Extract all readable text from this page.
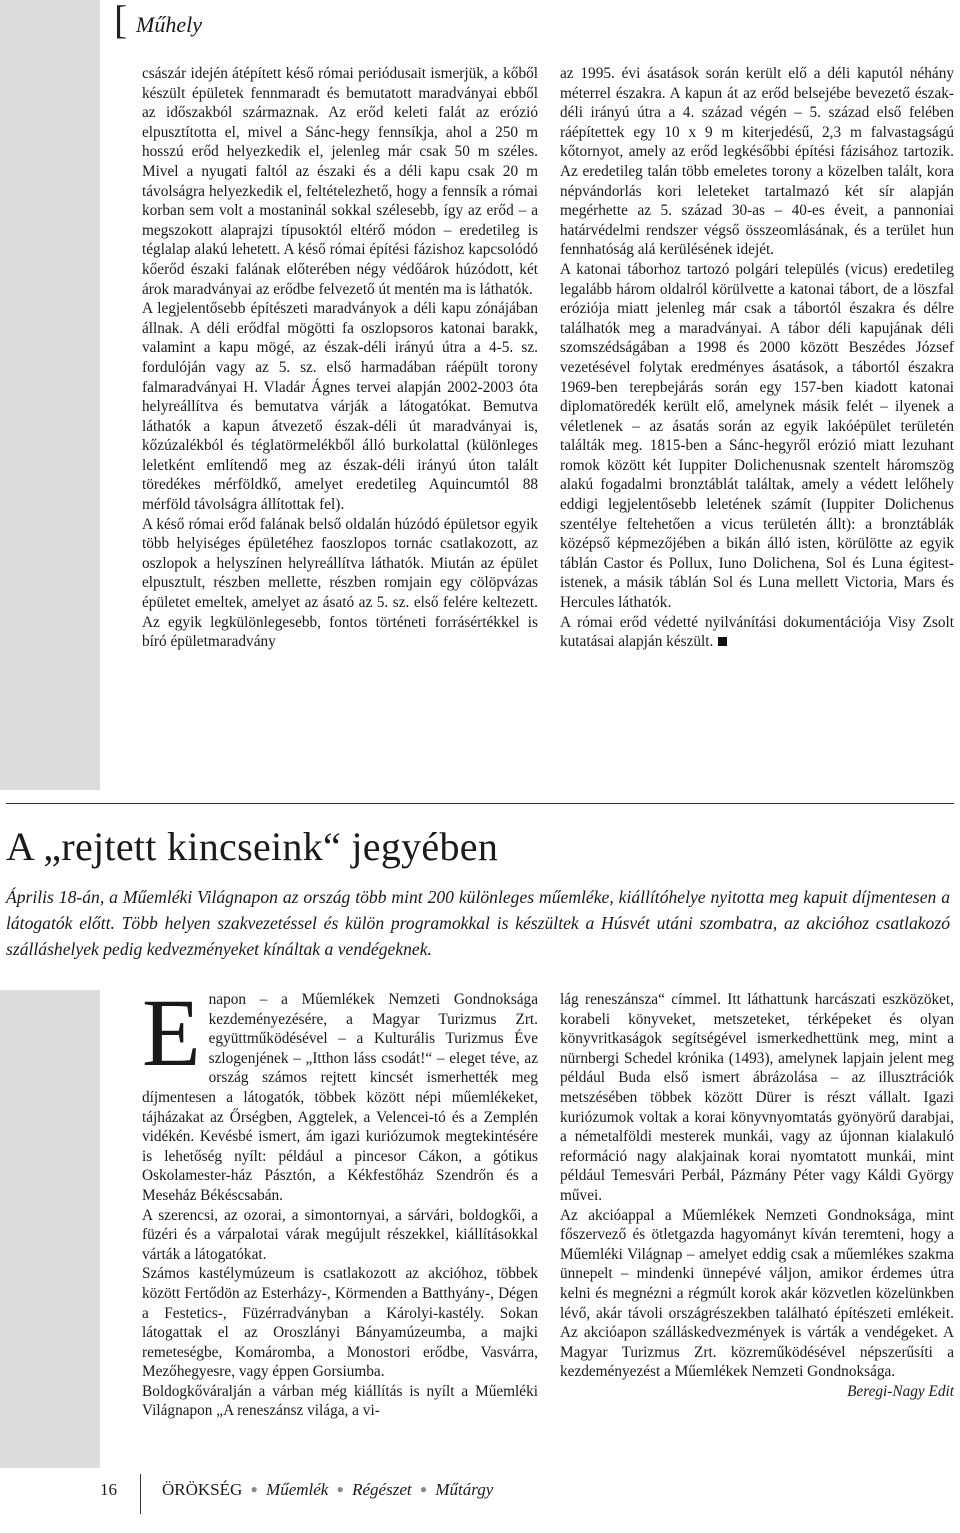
[ Műhely

császár idején átépített késő római periódusait ismerjük, a kőből készült épületek fennmaradt és bemutatott maradványai ebből az időszakból származnak. Az erőd keleti falát az erózió elpusztította el, mivel a Sánc-hegy fennsíkja, ahol a 250 m hosszú erőd helyezkedik el, jelenleg már csak 50 m széles. Mivel a nyugati faltól az északi és a déli kapu csak 20 m távolságra helyezkedik el, feltételezhető, hogy a fennsík a római korban sem volt a mostaninál sokkal szélesebb, így az erőd – a megszokott alaprajzi típusoktól eltérő módon – eredetileg is téglalap alakú lehetett. A késő római építési fázishoz kapcsolódó kőerőd északi falának előterében négy védőárok húzódott, két árok maradványai az erődbe felvezető út mentén ma is láthatók.

A legjelentősebb építészeti maradványok a déli kapu zónájában állnak. A déli erődfal mögötti fa oszlopsoros katonai barakk, valamint a kapu mögé, az észak-déli irányú útra a 4-5. sz. fordulóján vagy az 5. sz. első harmadában ráépült torony falmaradványai H. Vladár Ágnes tervei alapján 2002-2003 óta helyreállítva és bemutatva várják a látogatókat. Bemutva láthatók a kapun átvezető észak-déli út maradványai is, kőzúzalékból és téglatörmelékből álló burkolattal (különleges leletként említendő meg az észak-déli irányú úton talált töredékes mérföldkő, amelyet eredetileg Aquincumtól 88 mérföld távolságra állítottak fel).

A késő római erőd falának belső oldalán húzódó épületsor egyik több helyiséges épületéhez faoszlopos tornác csatlakozott, az oszlopok a helyszínen helyreállítva láthatók. Miután az épület elpusztult, részben mellette, részben romjain egy cölöpvázas épületet emeltek, amelyet az ásató az 5. sz. első felére keltezett. Az egyik legkülönlegesebb, fontos történeti forrásértékkel is bíró épületmaradvány

az 1995. évi ásatások során került elő a déli kaputól néhány méterrel északra. A kapun át az erőd belsejébe bevezető észak-déli irányú útra a 4. század végén – 5. század első felében ráépítettek egy 10 x 9 m kiterjedésű, 2,3 m falvastagságú kőtornyot, amely az erőd legkésőbbi építési fázisához tartozik. Az eredetileg talán több emeletes torony a közelben talált, kora népvándorlás kori leleteket tartalmazó két sír alapján megérhette az 5. század 30-as – 40-es éveit, a pannoniai határvédelmi rendszer végső összeomlásának, és a terület hun fennhatóság alá kerülésének idejét.

A katonai táborhoz tartozó polgári település (vicus) eredetileg legalább három oldalról körülvette a katonai tábort, de a löszfal eróziója miatt jelenleg már csak a tábortól északra és délre találhatók meg a maradványai. A tábor déli kapujának déli szomszédságában a 1998 és 2000 között Beszédes József vezetésével folytak eredményes ásatások, a tábortól északra 1969-ben terepbejárás során egy 157-ben kiadott katonai diplomatöredék került elő, amelynek másik felét – ilyenek a véletlenek – az ásatás során az egyik lakóépület területén találták meg. 1815-ben a Sánc-hegyről erózió miatt lezuhant romok között két Iuppiter Dolichenusnak szentelt háromszög alakú fogadalmi bronztáblát találtak, amely a védett lelőhely eddigi legjelentősebb leletének számít (Iuppiter Dolichenus szentélye feltehetően a vicus területén állt): a bronztáblák középső képmezőjében a bikán álló isten, körülötte az egyik táblán Castor és Pollux, Iuno Dolichena, Sol és Luna égitest-istenek, a másik táblán Sol és Luna mellett Victoria, Mars és Hercules láthatók.

A római erőd védetté nyilvánítási dokumentációja Visy Zsolt kutatásai alapján készült.

A „rejtett kincseink“ jegyében
Április 18-án, a Műemléki Világnapon az ország több mint 200 különleges műemléke, kiállítóhelye nyitotta meg kapuit díjmentesen a látogatók előtt. Több helyen szakvezetéssel és külön programokkal is készültek a Húsvét utáni szombatra, az akcióhoz csatlakozó szálláshelyek pedig kedvezményeket kínáltak a vendégeknek.

Enapon – a Műemlékek Nemzeti Gondnoksága kezdeményezésére, a Magyar Turizmus Zrt. együttműködésével – a Kulturális Turizmus Éve szlogenjének – „Itthon láss csodát!“ – eleget téve, az ország számos rejtett kincsét ismerhették meg díjmentesen a látogatók, többek között népi műemlékeket, tájházakat az Őrségben, Aggtelek, a Velencei-tó és a Zemplén vidékén. Kevésbé ismert, ám igazi kuriózumok megtekintésére is lehetőség nyílt: például a pincesor Cákon, a gótikus Oskolamester-ház Pásztón, a Kékfestőház Szendrőn és a Meseház Békéscsabán.

A szerencsi, az ozorai, a simontornyai, a sárvári, boldogkői, a füzéri és a várpalotai várak megújult részekkel, kiállításokkal várták a látogatókat.

Számos kastélymúzeum is csatlakozott az akcióhoz, többek között Fertődön az Esterházy-, Körmenden a Batthyány-, Dégen a Festetics-, Füzérradványban a Károlyi-kastély. Sokan látogattak el az Oroszlányi Bányamúzeumba, a majki remeteségbe, Komáromba, a Monostori erődbe, Vasvárra, Mezőhegyesre, vagy éppen Gorsiumba.

Boldogkőváralján a várban még kiállítás is nyílt a Műemléki Világnapon „A reneszánsz világa, a vi-

lág reneszánsza“ címmel. Itt láthattunk harcászati eszközöket, korabeli könyveket, metszeteket, térképeket és olyan könyvritkaságok segítségével ismerkedhettünk meg, mint a nürnbergi Schedel krónika (1493), amelynek lapjain jelent meg például Buda első ismert ábrázolása – az illusztrációk metszésében többek között Dürer is részt vállalt. Igazi kuriózumok voltak a korai könyvnyomtatás gyönyörű darabjai, a németalföldi mesterek munkái, vagy az újonnan kialakuló reformáció nagy alakjainak korai nyomtatott munkái, mint például Temesvári Perbál, Pázmány Péter vagy Káldi György művei.

Az akcióappal a Műemlékek Nemzeti Gondnoksága, mint főszervező és ötletgazda hagyományt kíván teremteni, hogy a Műemléki Világnap – amelyet eddig csak a műemlékes szakma ünnepelt – mindenki ünnepévé váljon, amikor érdemes útra kelni és megnézni a régmúlt korok akár közvetlen közelünkben lévő, akár távoli országrészekben található építészeti emlékeit. Az akcióapon szálláskedvezmények is várták a vendégeket. A Magyar Turizmus Zrt. közreműködésével népszerűsíti a kezdeményezést a Műemlékek Nemzeti Gondnoksága.

Beregi-Nagy Edit

16	ÖRÖKSÉG ● Műemlék ● Régészet ● Műtárgy
